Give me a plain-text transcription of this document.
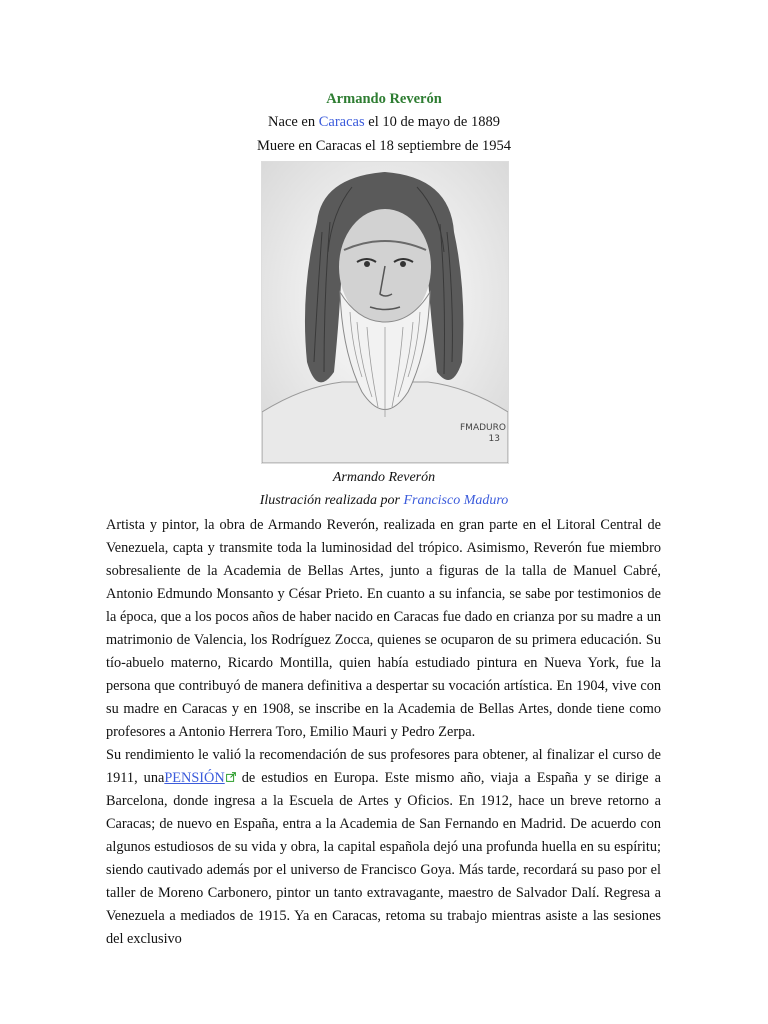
Armando Reverón
Nace en Caracas el 10 de mayo de 1889
Muere en Caracas el 18 septiembre de 1954
FMADURO 13
Armando Reverón
Ilustración realizada por Francisco Maduro

Artista y pintor, la obra de Armando Reverón, realizada en gran parte en el Litoral Central de Venezuela, capta y transmite toda la luminosidad del trópico. Asimismo, Reverón fue miembro sobresaliente de la Academia de Bellas Artes, junto a figuras de la talla de Manuel Cabré, Antonio Edmundo Monsanto y César Prieto. En cuanto a su infancia, se sabe por testimonios de la época, que a los pocos años de haber nacido en Caracas fue dado en crianza por su madre a un matrimonio de Valencia, los Rodríguez Zocca, quienes se ocuparon de su primera educación. Su tío-abuelo materno, Ricardo Montilla, quien había estudiado pintura en Nueva York, fue la persona que contribuyó de manera definitiva a despertar su vocación artística. En 1904, vive con su madre en Caracas y en 1908, se inscribe en la Academia de Bellas Artes, donde tiene como profesores a Antonio Herrera Toro, Emilio Mauri y Pedro Zerpa.

Su rendimiento le valió la recomendación de sus profesores para obtener, al finalizar el curso de 1911, unaPENSIÓN de estudios en Europa. Este mismo año, viaja a España y se dirige a Barcelona, donde ingresa a la Escuela de Artes y Oficios. En 1912, hace un breve retorno a Caracas; de nuevo en España, entra a la Academia de San Fernando en Madrid. De acuerdo con algunos estudiosos de su vida y obra, la capital española dejó una profunda huella en su espíritu; siendo cautivado además por el universo de Francisco Goya. Más tarde, recordará su paso por el taller de Moreno Carbonero, pintor un tanto extravagante, maestro de Salvador Dalí. Regresa a Venezuela a mediados de 1915. Ya en Caracas, retoma su trabajo mientras asiste a las sesiones del exclusivo
